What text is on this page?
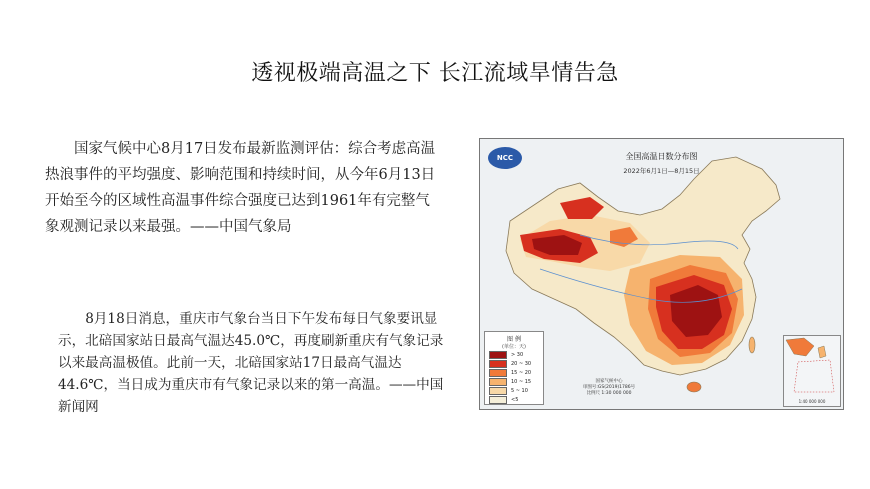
透视极端高温之下 长江流域旱情告急

国家气候中心8月17日发布最新监测评估：综合考虑高温热浪事件的平均强度、影响范围和持续时间，从今年6月13日开始至今的区域性高温事件综合强度已达到1961年有完整气象观测记录以来最强。——中国气象局

8月18日消息，重庆市气象台当日下午发布每日气象要讯显示，北碚国家站日最高气温达45.0℃，再度刷新重庆有气象记录以来最高温极值。此前一天，北碚国家站17日最高气温达44.6℃，当日成为重庆市有气象记录以来的第一高温。——中国新闻网

NCC	全国高温日数分布图
2022年6月1日—8月15日
图 例
(单位：天)
> 30
20 ~ 30
15 ~ 20
10 ~ 15
5 ~ 10
<5
国家气候中心
审图号:GS(2019)1786号
比例尺 1:30 000 000
1:40 000 000
